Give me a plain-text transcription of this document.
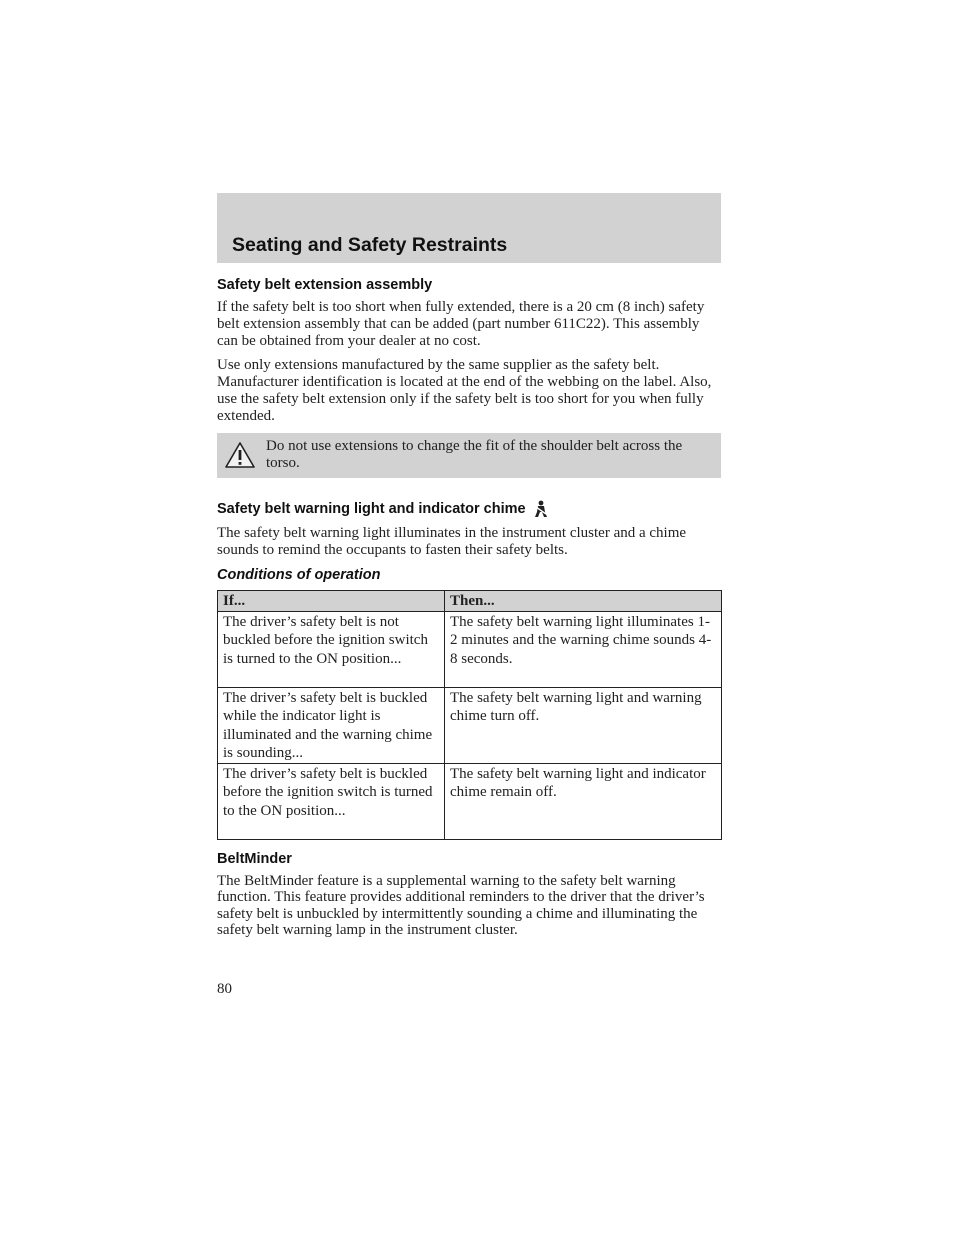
Seating and Safety Restraints
Safety belt extension assembly

If the safety belt is too short when fully extended, there is a 20 cm (8 inch) safety belt extension assembly that can be added (part number 611C22). This assembly can be obtained from your dealer at no cost.

Use only extensions manufactured by the same supplier as the safety belt. Manufacturer identification is located at the end of the webbing on the label. Also, use the safety belt extension only if the safety belt is too short for you when fully extended.

Do not use extensions to change the fit of the shoulder belt across the torso.

Safety belt warning light and indicator chime

The safety belt warning light illuminates in the instrument cluster and a chime sounds to remind the occupants to fasten their safety belts.

Conditions of operation
If...	Then...
The driver’s safety belt is not buckled before the ignition switch is turned to the ON position...	The safety belt warning light illuminates 1-2 minutes and the warning chime sounds 4-8 seconds.
The driver’s safety belt is buckled while the indicator light is illuminated and the warning chime is sounding...	The safety belt warning light and warning chime turn off.
The driver’s safety belt is buckled before the ignition switch is turned to the ON position...	The safety belt warning light and indicator chime remain off.
BeltMinder

The BeltMinder feature is a supplemental warning to the safety belt warning function. This feature provides additional reminders to the driver that the driver’s safety belt is unbuckled by intermittently sounding a chime and illuminating the safety belt warning lamp in the instrument cluster.

80
